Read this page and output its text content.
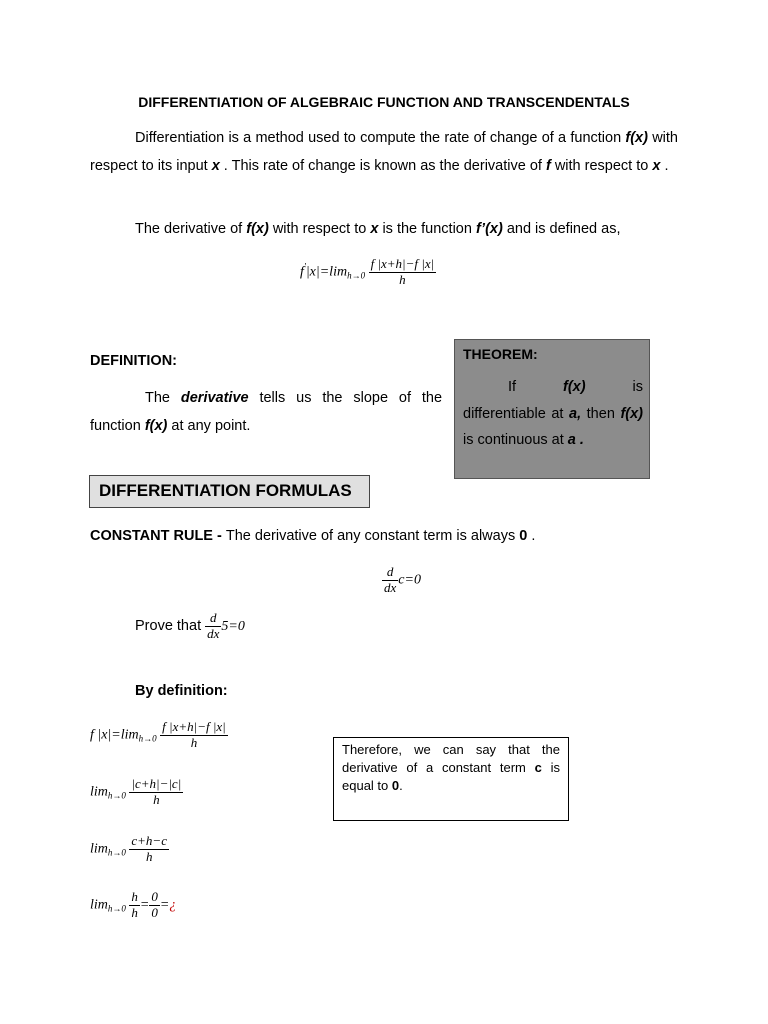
DIFFERENTIATION OF ALGEBRAIC FUNCTION AND TRANSCENDENTALS
Differentiation is a method used to compute the rate of change of a function f(x) with respect to its input x . This rate of change is known as the derivative of f with respect to x .
The derivative of f(x) with respect to x is the function f’(x) and is defined as,
$f'|x|=\lim_{h\to 0} \frac{f |x+h|-f |x|}{h}$
DEFINITION:
The derivative tells us the slope of the function f(x) at any point.
THEOREM:
If f(x) is differentiable at a, then f(x) is continuous at a .
DIFFERENTIATION FORMULAS
CONSTANT RULE - The derivative of any constant term is always 0 .
$\frac{d}{dx} c=0$
Prove that $\frac{d}{dx} 5=0$
By definition:
f $|x|=\lim_{h\to 0} \frac{f |x+h|-f |x|}{h}$
$\lim_{h\to 0} \frac{|c+h|-|c|}{h}$
$\lim_{h\to 0} \frac{c+h-c}{h}$
$\lim_{h\to 0} \frac{h}{h} = \frac{0}{0}$ =¿
Therefore, we can say that the derivative of a constant term c is equal to 0.
